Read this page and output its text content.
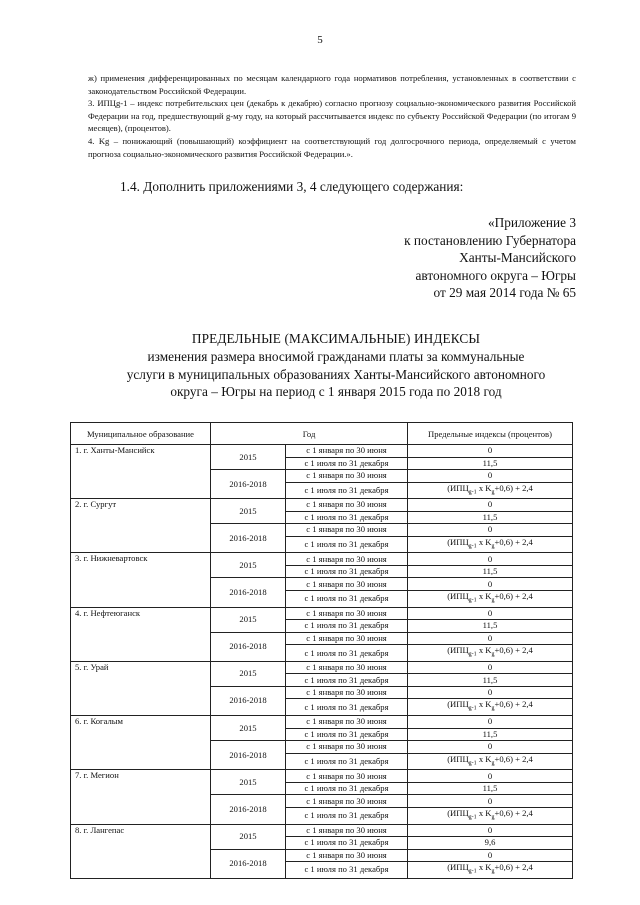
5

ж) применения дифференцированных по месяцам календарного года нормативов потребления, установленных в соответствии с законодательством Российской Федерации.

3. ИПЦg-1 – индекс потребительских цен (декабрь к декабрю) согласно прогнозу социально-экономического развития Российской Федерации на год, предшествующий g-му году, на который рассчитывается индекс по субъекту Российской Федерации (по итогам 9 месяцев), (процентов).

4. Kg – понижающий (повышающий) коэффициент на соответствующий год долгосрочного периода, определяемый с учетом прогноза социально-экономического развития Российской Федерации.».

1.4. Дополнить приложениями 3, 4 следующего содержания:
«Приложение 3
к постановлению Губернатора
Ханты-Мансийского
автономного округа – Югры
от 29 мая 2014 года № 65
ПРЕДЕЛЬНЫЕ (МАКСИМАЛЬНЫЕ) ИНДЕКСЫ
изменения размера вносимой гражданами платы за коммунальные
услуги в муниципальных образованиях Ханты-Мансийского автономного
округа – Югры на период с 1 января 2015 года по 2018 год
Муниципальное образование	Год		Предельные индексы (процентов)
1. г. Ханты-Мансийск	2015	с 1 января по 30 июня	0
		с 1 июля по 31 декабря	11,5
	2016-2018	с 1 января по 30 июня	0
		с 1 июля по 31 декабря	($ИПЦ_{g-1}$ х $K_g+0,6) + 2,4$
2. г. Сургут	2015	с 1 января по 30 июня	0
		с 1 июля по 31 декабря	11,5
	2016-2018	с 1 января по 30 июня	0
		с 1 июля по 31 декабря	($ИПЦ_{g-1}$ х $K_g+0,6) + 2,4$
3. г. Нижневартовск	2015	с 1 января по 30 июня	0
		с 1 июля по 31 декабря	11,5
	2016-2018	с 1 января по 30 июня	0
		с 1 июля по 31 декабря	($ИПЦ_{g-1}$ х $K_g+0,6) + 2,4$
4. г. Нефтеюганск	2015	с 1 января по 30 июня	0
		с 1 июля по 31 декабря	11,5
	2016-2018	с 1 января по 30 июня	0
		с 1 июля по 31 декабря	($ИПЦ_{g-1}$ х $K_g+0,6) + 2,4$
5. г. Урай	2015	с 1 января по 30 июня	0
		с 1 июля по 31 декабря	11,5
	2016-2018	с 1 января по 30 июня	0
		с 1 июля по 31 декабря	($ИПЦ_{g-1}$ х $K_g+0,6) + 2,4$
6. г. Когалым	2015	с 1 января по 30 июня	0
		с 1 июля по 31 декабря	11,5
	2016-2018	с 1 января по 30 июня	0
		с 1 июля по 31 декабря	($ИПЦ_{g-1}$ х $K_g+0,6) + 2,4$
7. г. Мегион	2015	с 1 января по 30 июня	0
		с 1 июля по 31 декабря	11,5
	2016-2018	с 1 января по 30 июня	0
		с 1 июля по 31 декабря	($ИПЦ_{g-1}$ х $K_g+0,6) + 2,4$
8. г. Лангепас	2015	с 1 января по 30 июня	0
		с 1 июля по 31 декабря	9,6
	2016-2018	с 1 января по 30 июня	0
		с 1 июля по 31 декабря	($ИПЦ_{g-1}$ х $K_g+0,6) + 2,4$
